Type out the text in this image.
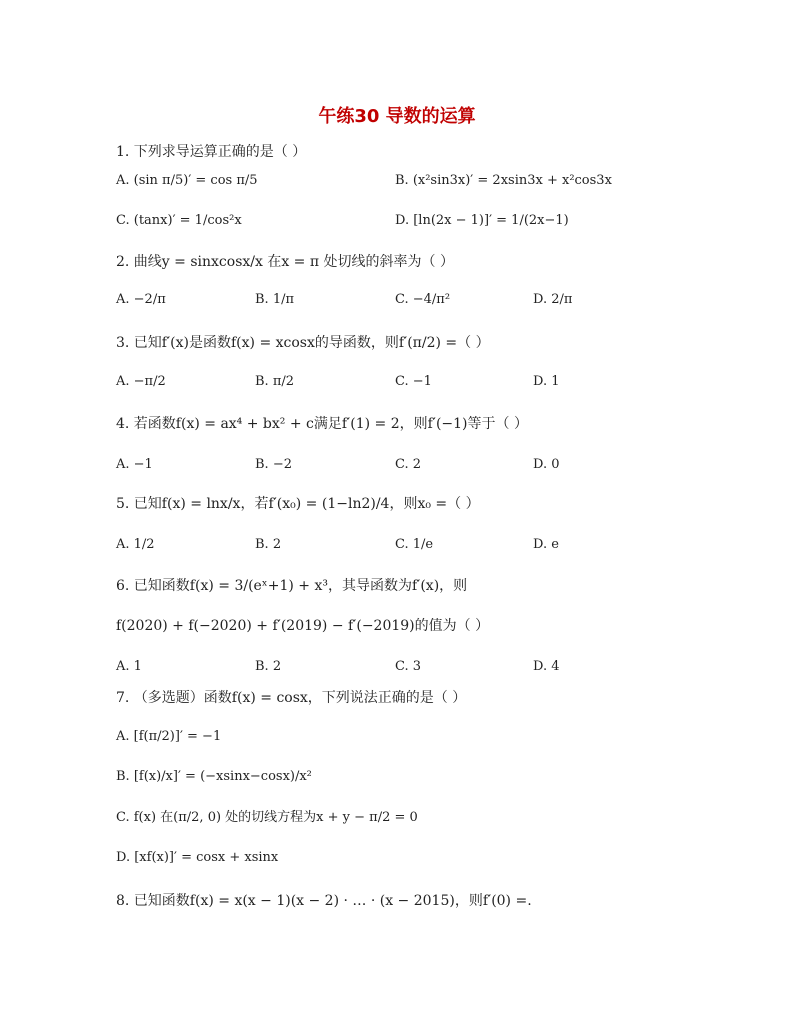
午练30 导数的运算
1. 下列求导运算正确的是（ ）
A. (sin π/5)′ = cos π/5	B. (x²sin3x)′ = 2xsin3x + x²cos3x
C. (tanx)′ = 1/cos²x	D. [ln(2x − 1)]′ = 1/(2x−1)
2. 曲线y = sinxcosx/x 在x = π 处切线的斜率为（ ）
A. −2/π	B. 1/π	C. −4/π²	D. 2/π
3. 已知f′(x)是函数f(x) = xcosx的导函数，则f′(π/2) =（ ）
A. −π/2	B. π/2	C. −1	D. 1
4. 若函数f(x) = ax⁴ + bx² + c满足f′(1) = 2，则f′(−1)等于（ ）
A. −1	B. −2	C. 2	D. 0
5. 已知f(x) = lnx/x，若f′(x₀) = (1−ln2)/4，则x₀ =（ ）
A. 1/2	B. 2	C. 1/e	D. e
6. 已知函数f(x) = 3/(eˣ+1) + x³，其导函数为f′(x)，则
f(2020) + f(−2020) + f′(2019) − f′(−2019)的值为（ ）
A. 1	B. 2	C. 3	D. 4
7. （多选题）函数f(x) = cosx，下列说法正确的是（ ）
A. [f(π/2)]′ = −1
B. [f(x)/x]′ = (−xsinx−cosx)/x²
C. f(x) 在(π/2, 0) 处的切线方程为x + y − π/2 = 0
D. [xf(x)]′ = cosx + xsinx
8. 已知函数f(x) = x(x − 1)(x − 2) · … · (x − 2015)，则f′(0) =.
